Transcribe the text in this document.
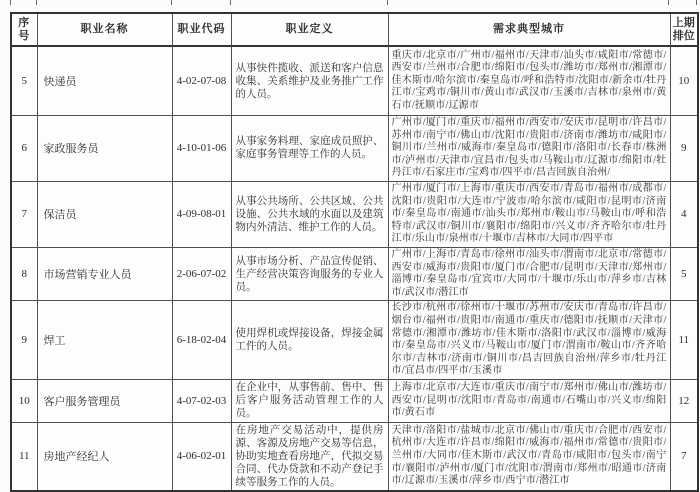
序号	职业名称	职业代码	职业定义	需求典型城市	上期
排位

5	快递员	4-02-07-08	从事快件揽收、派送和客户信息收集、关系维护及业务推广工作的人员。	重庆市/北京市/广州市/福州市/天津市/汕头市/咸阳市/常德市/西安市/兰州市/合肥市/绵阳市/包头市/潍坊市/郑州市/湘潭市/佳木斯市/哈尔滨市/秦皇岛市/呼和浩特市/沈阳市/新余市/牡丹江市/宝鸡市/铜川市/黄山市/武汉市/玉溪市/吉林市/泉州市/黄石市/抚顺市/辽源市	10
6	家政服务员	4-10-01-06	从事家务料理、家庭成员照护、家庭事务管理等工作的人员。	广州市/厦门市/重庆市/福州市/西安市/安庆市/昆明市/许昌市/苏州市/南宁市/佛山市/沈阳市/贵阳市/济南市/潍坊市/咸阳市/铜川市/兰州市/威海市/秦皇岛市/德阳市/洛阳市/长春市/株洲市/泸州市/天津市/宜昌市/包头市/马鞍山市/辽源市/绵阳市/牡丹江市/石家庄市/宝鸡市/四平市/昌吉回族自治州/	9
7	保洁员	4-09-08-01	从事公共场所、公共区域、公共设施、公共水域的水面以及建筑物内外清洁、维护工作的人员。	广州市/厦门市/上海市/重庆市/西安市/青岛市/福州市/成都市/沈阳市/贵阳市/大连市/宁波市/哈尔滨市/咸阳市/昆明市/济南市/秦皇岛市/南通市/汕头市/郑州市/鞍山市/马鞍山市/呼和浩特市/武汉市/铜川市/襄阳市/绵阳市/兴义市/齐齐哈尔市/牡丹江市/乐山市/泉州市/十堰市/吉林市/大同市/四平市	4
8	市场营销专业人员	2-06-07-02	从事市场分析、产品宣传促销、生产经营决策咨询服务的专业人员。	广州市/上海市/青岛市/徐州市/汕头市/渭南市/北京市/常德市/西安市/威海市/贵阳市/厦门市/合肥市/昆明市/天津市/郑州市/淄博市/秦皇岛市/宜宾市/大同市/十堰市/乐山市/萍乡市/吉林市/武汉市/潜江市	5
9	焊工	6-18-02-04	使用焊机或焊接设备，焊接金属工件的人员。	长沙市/杭州市/徐州市/十堰市/苏州市/安庆市/青岛市/许昌市/烟台市/福州市/贵阳市/南通市/重庆市/德阳市/抚顺市/天津市/常德市/湘潭市/潍坊市/佳木斯市/洛阳市/武汉市/淄博市/威海市/秦皇岛市/兴义市/马鞍山市/厦门市/渭南市/鞍山市/齐齐哈尔市/吉林市/济南市/铜川市/昌吉回族自治州/萍乡市/牡丹江市/宜昌市/四平市/玉溪市	11
10	客户服务管理员	4-07-02-03	在企业中，从事售前、售中、售后客户服务活动管理工作的人员。	上海市/北京市/大连市/重庆市/南宁市/郑州市/佛山市/潍坊市/西安市/昆明市/沈阳市/青岛市/南通市/石嘴山市/兴义市/绵阳市/黄石市	12
11	房地产经纪人	4-06-02-01	在房地产交易活动中，提供房源、客源及房地产交易等信息，协助实地查看房地产，代拟交易合同、代办贷款和不动产登记手续等服务工作的人员。	天津市/洛阳市/盐城市/北京市/佛山市/重庆市/合肥市/西安市/杭州市/大连市/许昌市/绵阳市/威海市/福州市/常德市/贵阳市/兰州市/大同市/佳木斯市/武汉市/青岛市/咸阳市/包头市/南宁市/襄阳市/泸州市/厦门市/沈阳市/渭南市/郑州市/昭通市/济南市/辽源市/玉溪市/萍乡市/西宁市/潜江市	7
